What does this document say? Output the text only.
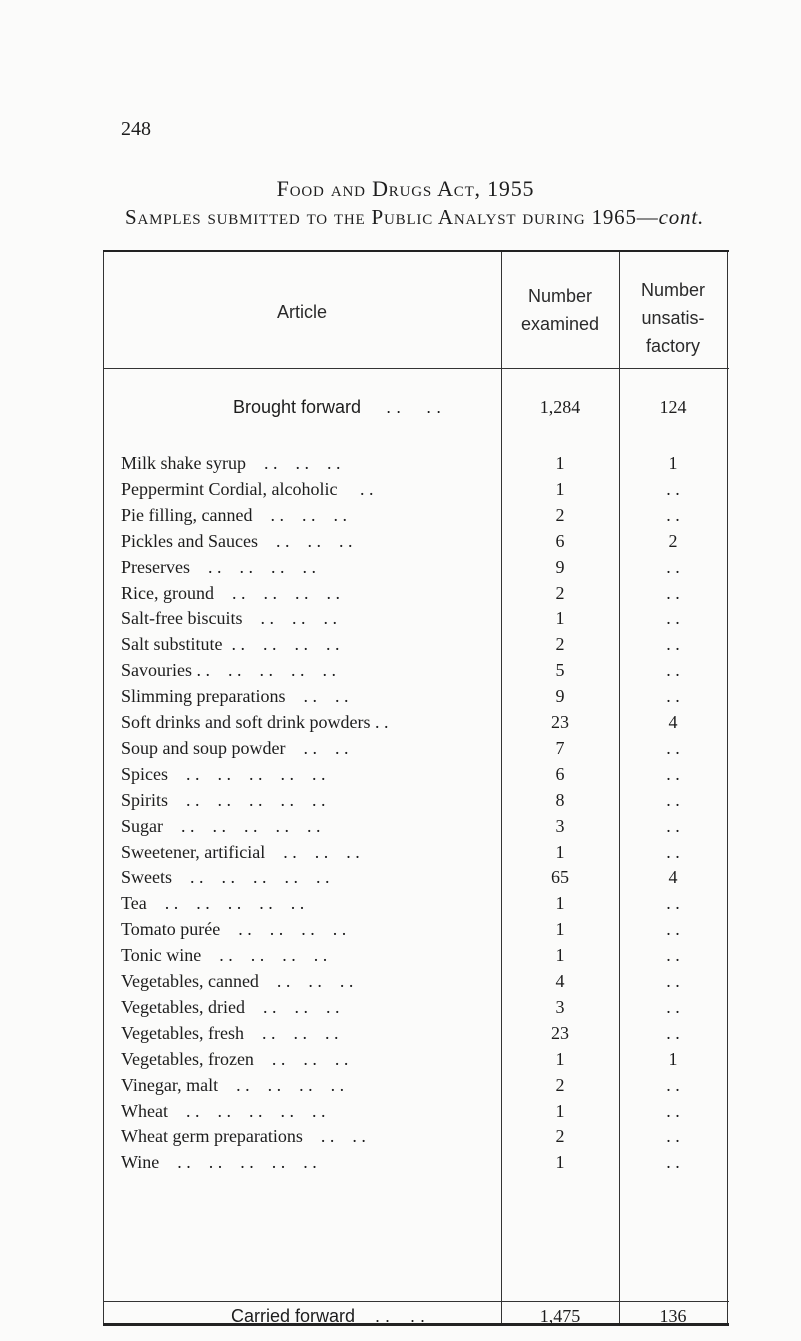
248
Food and Drugs Act, 1955
Samples submitted to the Public Analyst during 1965—cont.
Article
Number
examined
Number
unsatis-
factory
Brought forward     . .     . .	1,284	124
Milk shake syrup    . .    . .    . .	1	1
Peppermint Cordial, alcoholic     . .	1	. .
Pie filling, canned    . .    . .    . .	2	. .
Pickles and Sauces    . .    . .    . .	6	2
Preserves    . .    . .    . .    . .	9	. .
Rice, ground    . .    . .    . .    . .	2	. .
Salt-free biscuits    . .    . .    . .	1	. .
Salt substitute  . .    . .    . .    . .	2	. .
Savouries . .    . .    . .    . .    . .	5	. .
Slimming preparations    . .    . .	9	. .
Soft drinks and soft drink powders . .	23	4
Soup and soup powder    . .    . .	7	. .
Spices    . .    . .    . .    . .    . .	6	. .
Spirits    . .    . .    . .    . .    . .	8	. .
Sugar    . .    . .    . .    . .    . .	3	. .
Sweetener, artificial    . .    . .    . .	1	. .
Sweets    . .    . .    . .    . .    . .	65	4
Tea    . .    . .    . .    . .    . .	1	. .
Tomato purée    . .    . .    . .    . .	1	. .
Tonic wine    . .    . .    . .    . .	1	. .
Vegetables, canned    . .    . .    . .	4	. .
Vegetables, dried    . .    . .    . .	3	. .
Vegetables, fresh    . .    . .    . .	23	. .
Vegetables, frozen    . .    . .    . .	1	1
Vinegar, malt    . .    . .    . .    . .	2	. .
Wheat    . .    . .    . .    . .    . .	1	. .
Wheat germ preparations    . .    . .	2	. .
Wine    . .    . .    . .    . .    . .	1	. .
Carried forward    . .    . .	1,475	136
